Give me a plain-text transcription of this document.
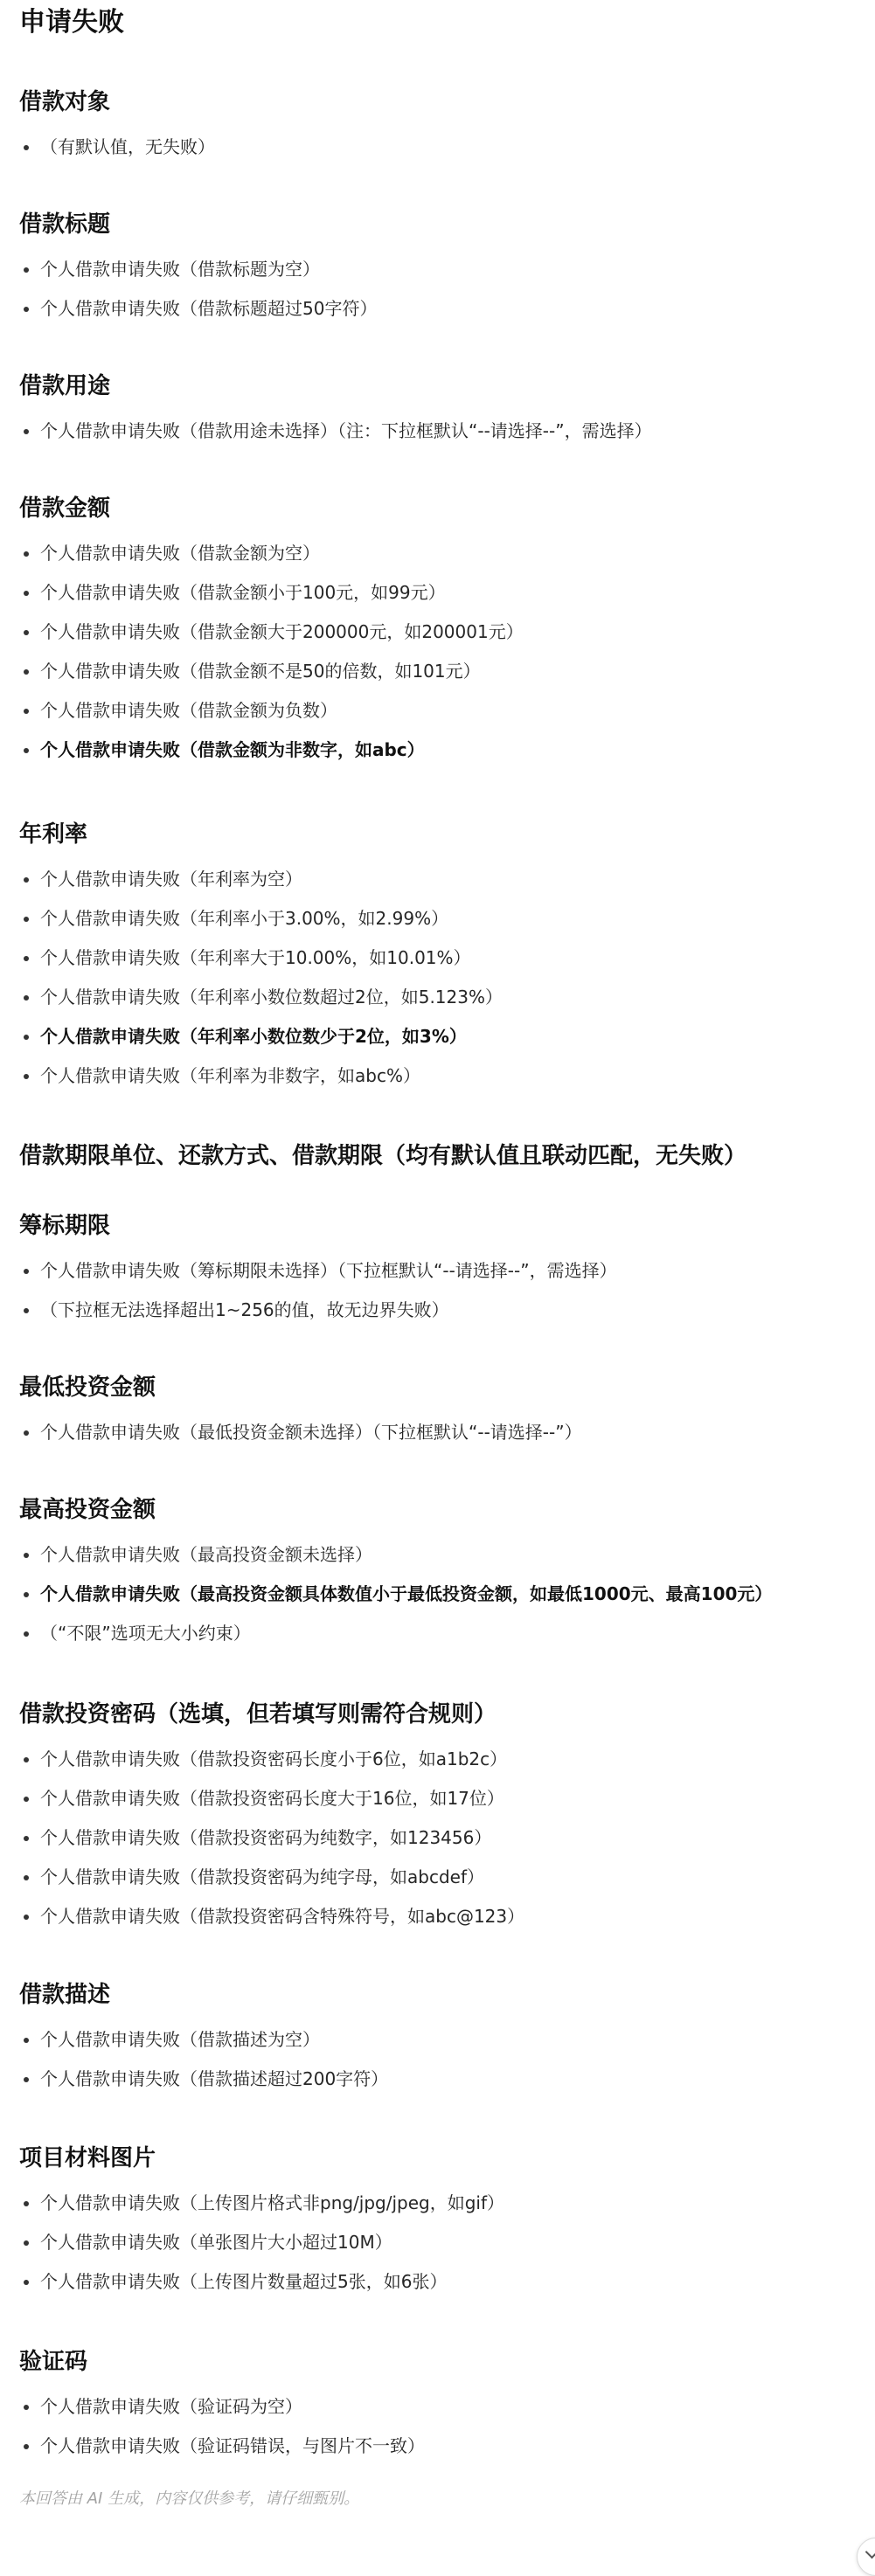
申请失败
借款对象
（有默认值，无失败）
借款标题
个人借款申请失败（借款标题为空）
个人借款申请失败（借款标题超过50字符）
借款用途
个人借款申请失败（借款用途未选择）（注：下拉框默认“--请选择--”，需选择）
借款金额
个人借款申请失败（借款金额为空）
个人借款申请失败（借款金额小于100元，如99元）
个人借款申请失败（借款金额大于200000元，如200001元）
个人借款申请失败（借款金额不是50的倍数，如101元）
个人借款申请失败（借款金额为负数）
个人借款申请失败（借款金额为非数字，如abc）
年利率
个人借款申请失败（年利率为空）
个人借款申请失败（年利率小于3.00%，如2.99%）
个人借款申请失败（年利率大于10.00%，如10.01%）
个人借款申请失败（年利率小数位数超过2位，如5.123%）
个人借款申请失败（年利率小数位数少于2位，如3%）
个人借款申请失败（年利率为非数字，如abc%）
借款期限单位、还款方式、借款期限（均有默认值且联动匹配，无失败）
筹标期限
个人借款申请失败（筹标期限未选择）（下拉框默认“--请选择--”，需选择）
（下拉框无法选择超出1~256的值，故无边界失败）
最低投资金额
个人借款申请失败（最低投资金额未选择）（下拉框默认“--请选择--”）
最高投资金额
个人借款申请失败（最高投资金额未选择）
个人借款申请失败（最高投资金额具体数值小于最低投资金额，如最低1000元、最高100元）
（“不限”选项无大小约束）
借款投资密码（选填，但若填写则需符合规则）
个人借款申请失败（借款投资密码长度小于6位，如a1b2c）
个人借款申请失败（借款投资密码长度大于16位，如17位）
个人借款申请失败（借款投资密码为纯数字，如123456）
个人借款申请失败（借款投资密码为纯字母，如abcdef）
个人借款申请失败（借款投资密码含特殊符号，如abc@123）
借款描述
个人借款申请失败（借款描述为空）
个人借款申请失败（借款描述超过200字符）
项目材料图片
个人借款申请失败（上传图片格式非png/jpg/jpeg，如gif）
个人借款申请失败（单张图片大小超过10M）
个人借款申请失败（上传图片数量超过5张，如6张）
验证码
个人借款申请失败（验证码为空）
个人借款申请失败（验证码错误，与图片不一致）
本回答由 AI 生成，内容仅供参考，请仔细甄别。
